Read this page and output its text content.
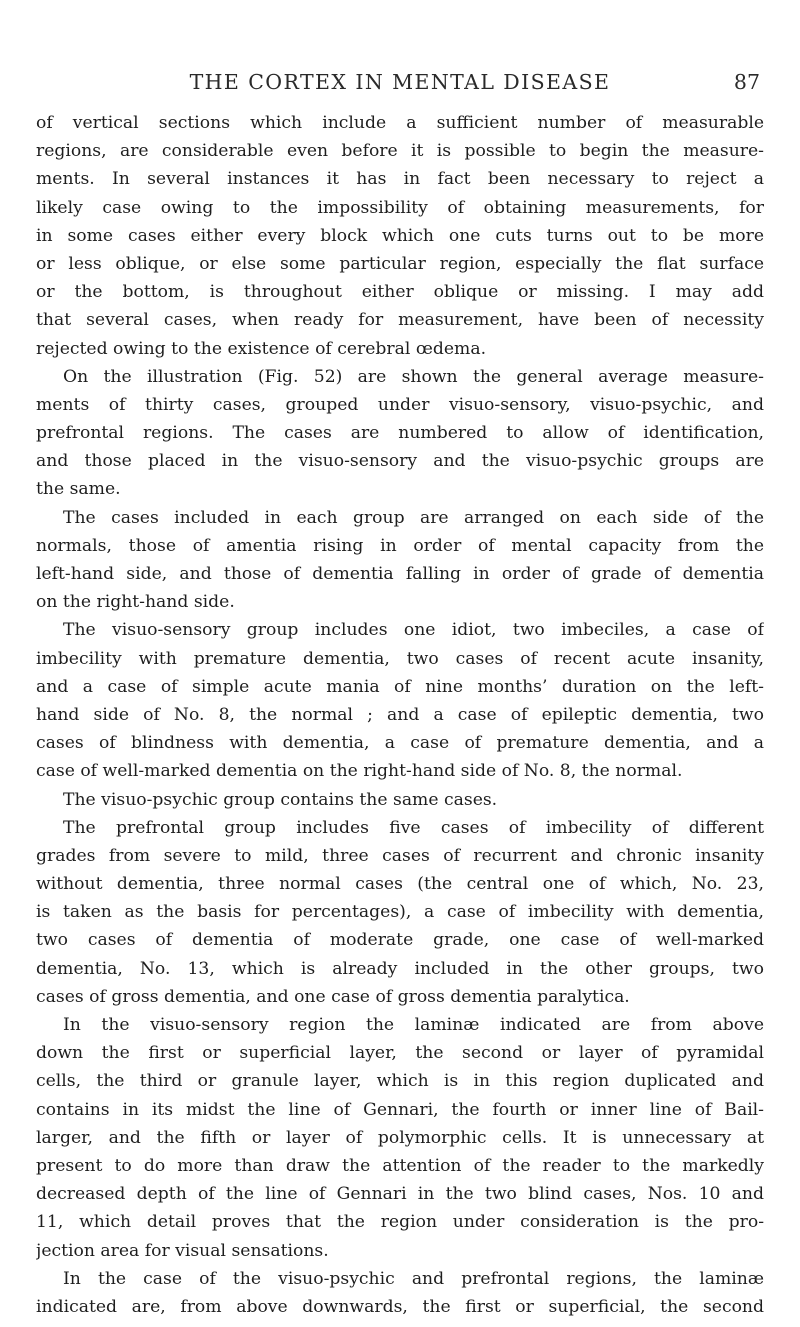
THE CORTEX IN MENTAL DISEASE	87
of vertical sections which include a sufficient number of measurable
regions, are considerable even before it is possible to begin the measure-
ments. In several instances it has in fact been necessary to reject a
likely case owing to the impossibility of obtaining measurements, for
in some cases either every block which one cuts turns out to be more
or less oblique, or else some particular region, especially the flat surface
or the bottom, is throughout either oblique or missing. I may add
that several cases, when ready for measurement, have been of necessity
rejected owing to the existence of cerebral œdema.
On the illustration (Fig. 52) are shown the general average measure-
ments of thirty cases, grouped under visuo-sensory, visuo-psychic, and
prefrontal regions. The cases are numbered to allow of identification,
and those placed in the visuo-sensory and the visuo-psychic groups are
the same.
The cases included in each group are arranged on each side of the
normals, those of amentia rising in order of mental capacity from the
left-hand side, and those of dementia falling in order of grade of dementia
on the right-hand side.
The visuo-sensory group includes one idiot, two imbeciles, a case of
imbecility with premature dementia, two cases of recent acute insanity,
and a case of simple acute mania of nine months’ duration on the left-
hand side of No. 8, the normal ; and a case of epileptic dementia, two
cases of blindness with dementia, a case of premature dementia, and a
case of well-marked dementia on the right-hand side of No. 8, the normal.
The visuo-psychic group contains the same cases.
The prefrontal group includes five cases of imbecility of different
grades from severe to mild, three cases of recurrent and chronic insanity
without dementia, three normal cases (the central one of which, No. 23,
is taken as the basis for percentages), a case of imbecility with dementia,
two cases of dementia of moderate grade, one case of well-marked
dementia, No. 13, which is already included in the other groups, two
cases of gross dementia, and one case of gross dementia paralytica.
In the visuo-sensory region the laminæ indicated are from above
down the first or superficial layer, the second or layer of pyramidal
cells, the third or granule layer, which is in this region duplicated and
contains in its midst the line of Gennari, the fourth or inner line of Bail-
larger, and the fifth or layer of polymorphic cells. It is unnecessary at
present to do more than draw the attention of the reader to the markedly
decreased depth of the line of Gennari in the two blind cases, Nos. 10 and
11, which detail proves that the region under consideration is the pro-
jection area for visual sensations.
In the case of the visuo-psychic and prefrontal regions, the laminæ
indicated are, from above downwards, the first or superficial, the second
